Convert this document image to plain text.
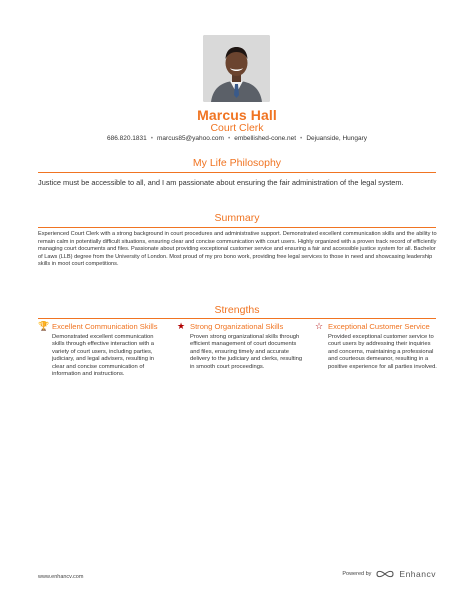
Marcus Hall
Court Clerk
686.820.1831 • marcus85@yahoo.com • embellished-cone.net • Dejuanside, Hungary
My Life Philosophy
Justice must be accessible to all, and I am passionate about ensuring the fair administration of the legal system.
Summary
Experienced Court Clerk with a strong background in court procedures and administrative support. Demonstrated excellent communication skills and the ability to remain calm in potentially difficult situations, ensuring clear and concise communication with court users. Highly organized with a proven track record of efficiently managing court documents and files. Passionate about providing exceptional customer service and ensuring a fair and accessible justice system for all. Bachelor of Laws (LLB) degree from the University of London. Most proud of my pro bono work, providing free legal services to those in need and showcasing leadership skills in moot court competitions.
Strengths
🏆 Excellent Communication Skills
Demonstrated excellent communication skills through effective interaction with a variety of court users, including parties, judiciary, and legal advisers, resulting in clear and concise communication of information and instructions.
★ Strong Organizational Skills
Proven strong organizational skills through efficient management of court documents and files, ensuring timely and accurate delivery to the judiciary and clerks, resulting in smooth court proceedings.
☆ Exceptional Customer Service
Provided exceptional customer service to court users by addressing their inquiries and concerns, maintaining a professional and courteous demeanor, resulting in a positive experience for all parties involved.
www.enhancv.com	Powered by	Enhancv
